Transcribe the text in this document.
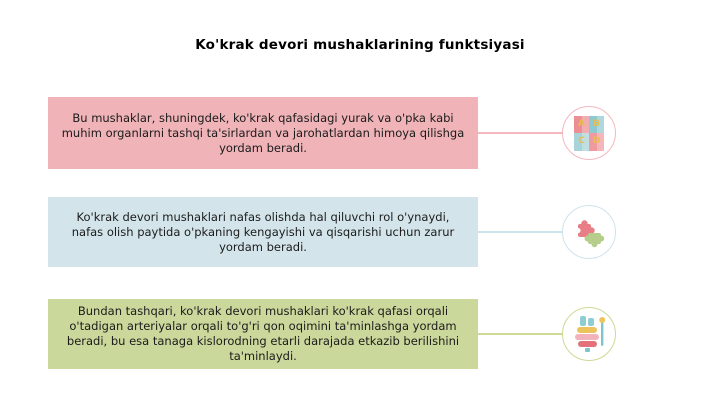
Ko'krak devori mushaklarining funktsiyasi

Bu mushaklar, shuningdek, ko'krak qafasidagi yurak va o'pka kabi muhim organlarni tashqi ta'sirlardan va jarohatlardan himoya qilishga yordam beradi.

A B
C D

Ko'krak devori mushaklari nafas olishda hal qiluvchi rol o'ynaydi, nafas olish paytida o'pkaning kengayishi va qisqarishi uchun zarur yordam beradi.

Bundan tashqari, ko'krak devori mushaklari ko'krak qafasi orqali o'tadigan arteriyalar orqali to'g'ri qon oqimini ta'minlashga yordam beradi, bu esa tanaga kislorodning etarli darajada etkazib berilishini ta'minlaydi.
